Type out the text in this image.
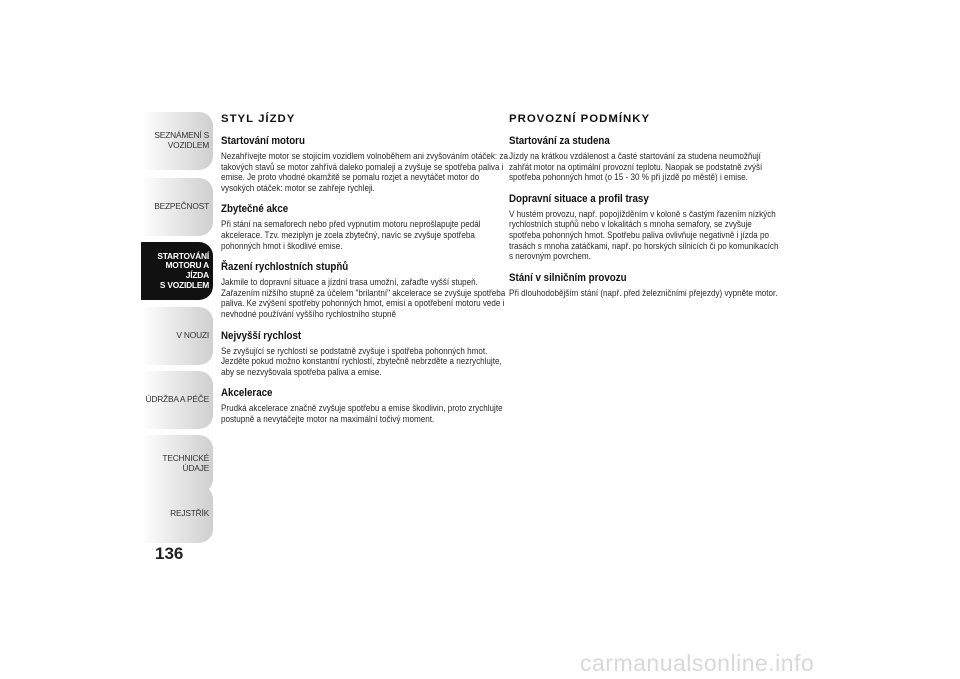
SEZNÁMENÍ S
VOZIDLEM
BEZPEČNOST
STARTOVÁNÍ
MOTORU A JÍZDA
S VOZIDLEM
V NOUZI
ÚDRŽBA A PÉČE
TECHNICKÉ ÚDAJE
REJSTŘÍK
136
STYL JÍZDY
Startování motoru

Nezahřívejte motor se stojícím vozidlem volnoběhem ani zvyšováním otáček: za takových stavů se motor zahřívá daleko pomaleji a zvyšuje se spotřeba paliva i emise. Je proto vhodné okamžitě se pomalu rozjet a nevytáčet motor do vysokých otáček: motor se zahřeje rychleji.

Zbytečné akce

Při stání na semaforech nebo před vypnutím motoru neprošlapujte pedál akcelerace. Tzv. meziplyn je zcela zbytečný, navíc se zvyšuje spotřeba pohonných hmot i škodlivé emise.

Řazení rychlostních stupňů

Jakmile to dopravní situace a jízdní trasa umožní, zařaďte vyšší stupeň. Zařazením nižšího stupně za účelem "brilantní" akcelerace se zvyšuje spotřeba paliva. Ke zvýšení spotřeby pohonných hmot, emisí a opotřebení motoru vede i nevhodné používání vyššího rychlostního stupně

Nejvyšší rychlost

Se zvyšující se rychlostí se podstatně zvyšuje i spotřeba pohonných hmot. Jezděte pokud možno konstantní rychlostí, zbytečně nebrzděte a nezrychlujte, aby se nezvyšovala spotřeba paliva a emise.

Akcelerace

Prudká akcelerace značně zvyšuje spotřebu a emise škodlivin, proto zrychlujte postupně a nevytáčejte motor na maximální točivý moment.

PROVOZNÍ PODMÍNKY
Startování za studena

Jízdy na krátkou vzdálenost a časté startování za studena neumožňují zahřát motor na optimální provozní teplotu. Naopak se podstatně zvýší spotřeba pohonných hmot (o 15 - 30 % při jízdě po městě) i emise.

Dopravní situace a profil trasy

V hustém provozu, např. popojížděním v koloně s častým řazením nízkých rychlostních stupňů nebo v lokalitách s mnoha semafory, se zvyšuje spotřeba pohonných hmot. Spotřebu paliva ovlivňuje negativně i jízda po trasách s mnoha zatáčkami, např. po horských silnicích či po komunikacích s nerovným povrchem.

Stání v silničním provozu

Při dlouhodobějším stání (např. před železničními přejezdy) vypněte motor.

carmanualsonline.info
